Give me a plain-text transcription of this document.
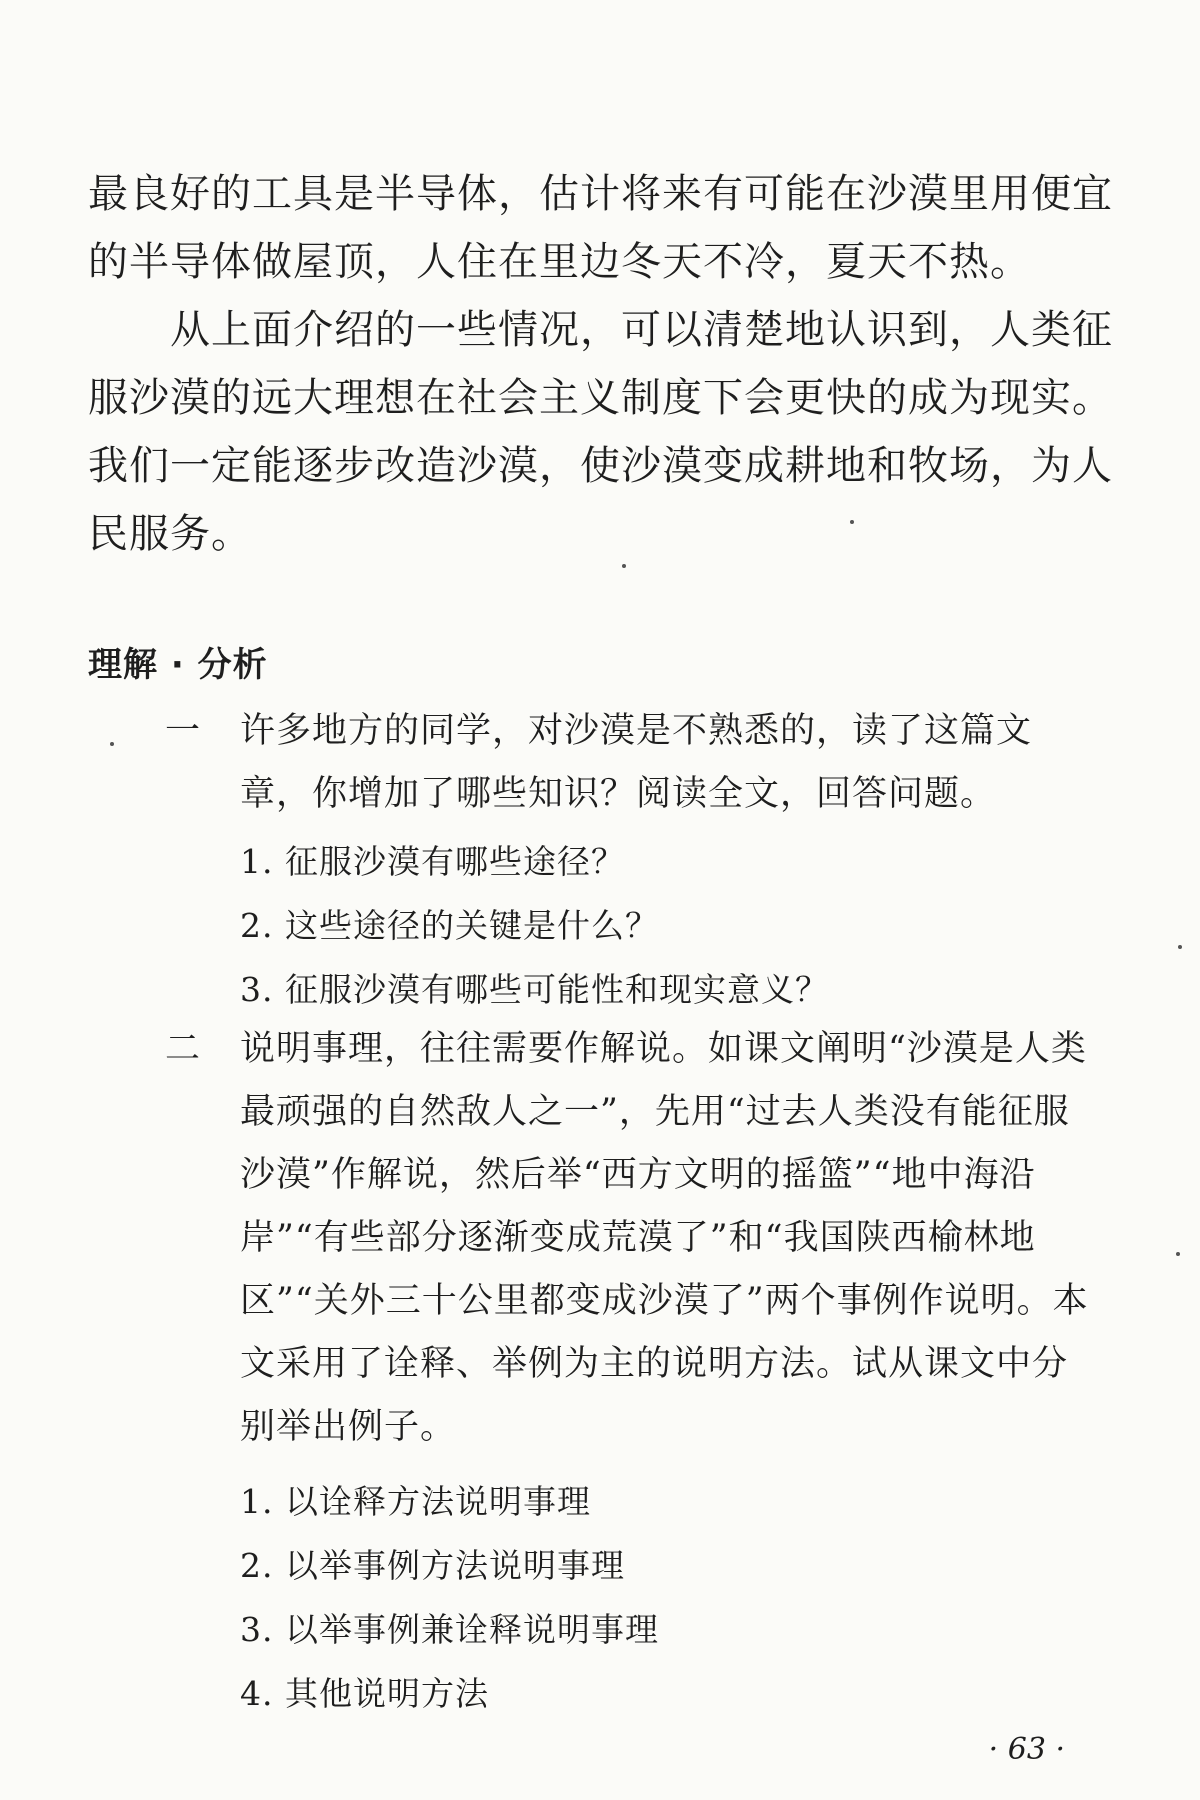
最良好的工具是半导体，估计将来有可能在沙漠里用便宜的半导体做屋顶，人住在里边冬天不冷，夏天不热。

从上面介绍的一些情况，可以清楚地认识到，人类征服沙漠的远大理想在社会主义制度下会更快的成为现实。我们一定能逐步改造沙漠，使沙漠变成耕地和牧场，为人民服务。

理解 · 分析
一 许多地方的同学，对沙漠是不熟悉的，读了这篇文章，你增加了哪些知识？阅读全文，回答问题。

1. 征服沙漠有哪些途径？
2. 这些途径的关键是什么？
3. 征服沙漠有哪些可能性和现实意义？
二 说明事理，往往需要作解说。如课文阐明“沙漠是人类最顽强的自然敌人之一”，先用“过去人类没有能征服沙漠”作解说，然后举“西方文明的摇篮”“地中海沿岸”“有些部分逐渐变成荒漠了”和“我国陕西榆林地区”“关外三十公里都变成沙漠了”两个事例作说明。本文采用了诠释、举例为主的说明方法。试从课文中分别举出例子。

1. 以诠释方法说明事理
2. 以举事例方法说明事理
3. 以举事例兼诠释说明事理
4. 其他说明方法
· 63 ·
